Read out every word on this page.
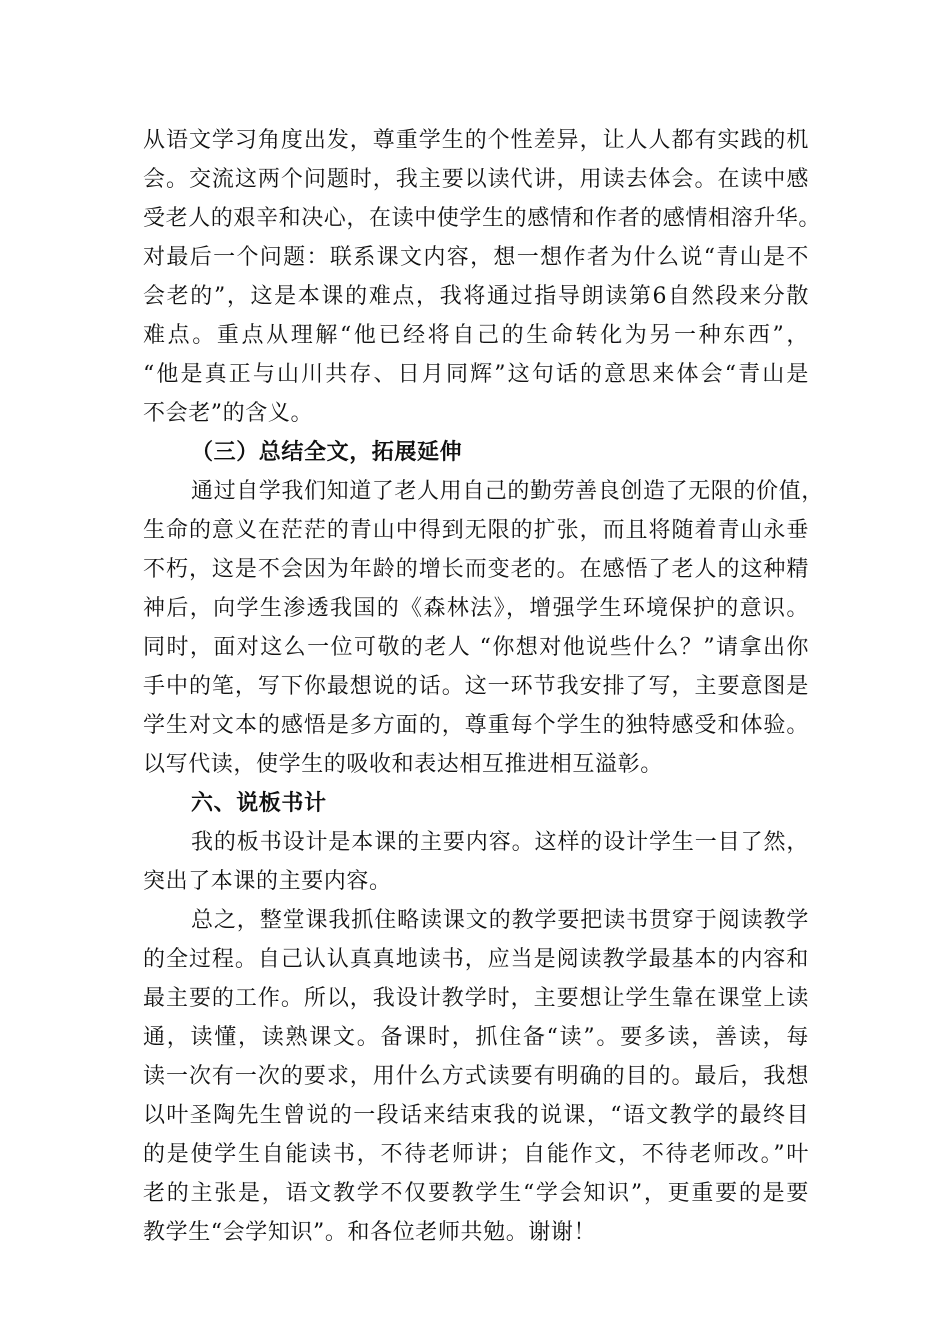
从语文学习角度出发，尊重学生的个性差异，让人人都有实践的机
会。交流这两个问题时，我主要以读代讲，用读去体会。在读中感
受老人的艰辛和决心，在读中使学生的感情和作者的感情相溶升华。
对最后一个问题：联系课文内容，想一想作者为什么说“青山是不
会老的”，这是本课的难点，我将通过指导朗读第6自然段来分散
难点。重点从理解“他已经将自己的生命转化为另一种东西”，
“他是真正与山川共存、日月同辉”这句话的意思来体会“青山是
不会老”的含义。
（三）总结全文，拓展延伸
通过自学我们知道了老人用自己的勤劳善良创造了无限的价值，
生命的意义在茫茫的青山中得到无限的扩张，而且将随着青山永垂
不朽，这是不会因为年龄的增长而变老的。在感悟了老人的这种精
神后，向学生渗透我国的《森林法》，增强学生环境保护的意识。
同时，面对这么一位可敬的老人 “你想对他说些什么？”请拿出你
手中的笔，写下你最想说的话。这一环节我安排了写，主要意图是
学生对文本的感悟是多方面的，尊重每个学生的独特感受和体验。
以写代读，使学生的吸收和表达相互推进相互溢彰。
六、说板书计
我的板书设计是本课的主要内容。这样的设计学生一目了然，
突出了本课的主要内容。
总之，整堂课我抓住略读课文的教学要把读书贯穿于阅读教学
的全过程。自己认认真真地读书，应当是阅读教学最基本的内容和
最主要的工作。所以，我设计教学时，主要想让学生靠在课堂上读
通，读懂，读熟课文。备课时，抓住备“读”。要多读，善读，每
读一次有一次的要求，用什么方式读要有明确的目的。最后，我想
以叶圣陶先生曾说的一段话来结束我的说课，“语文教学的最终目
的是使学生自能读书，不待老师讲；自能作文，不待老师改。”叶
老的主张是，语文教学不仅要教学生“学会知识”，更重要的是要
教学生“会学知识”。和各位老师共勉。谢谢！
